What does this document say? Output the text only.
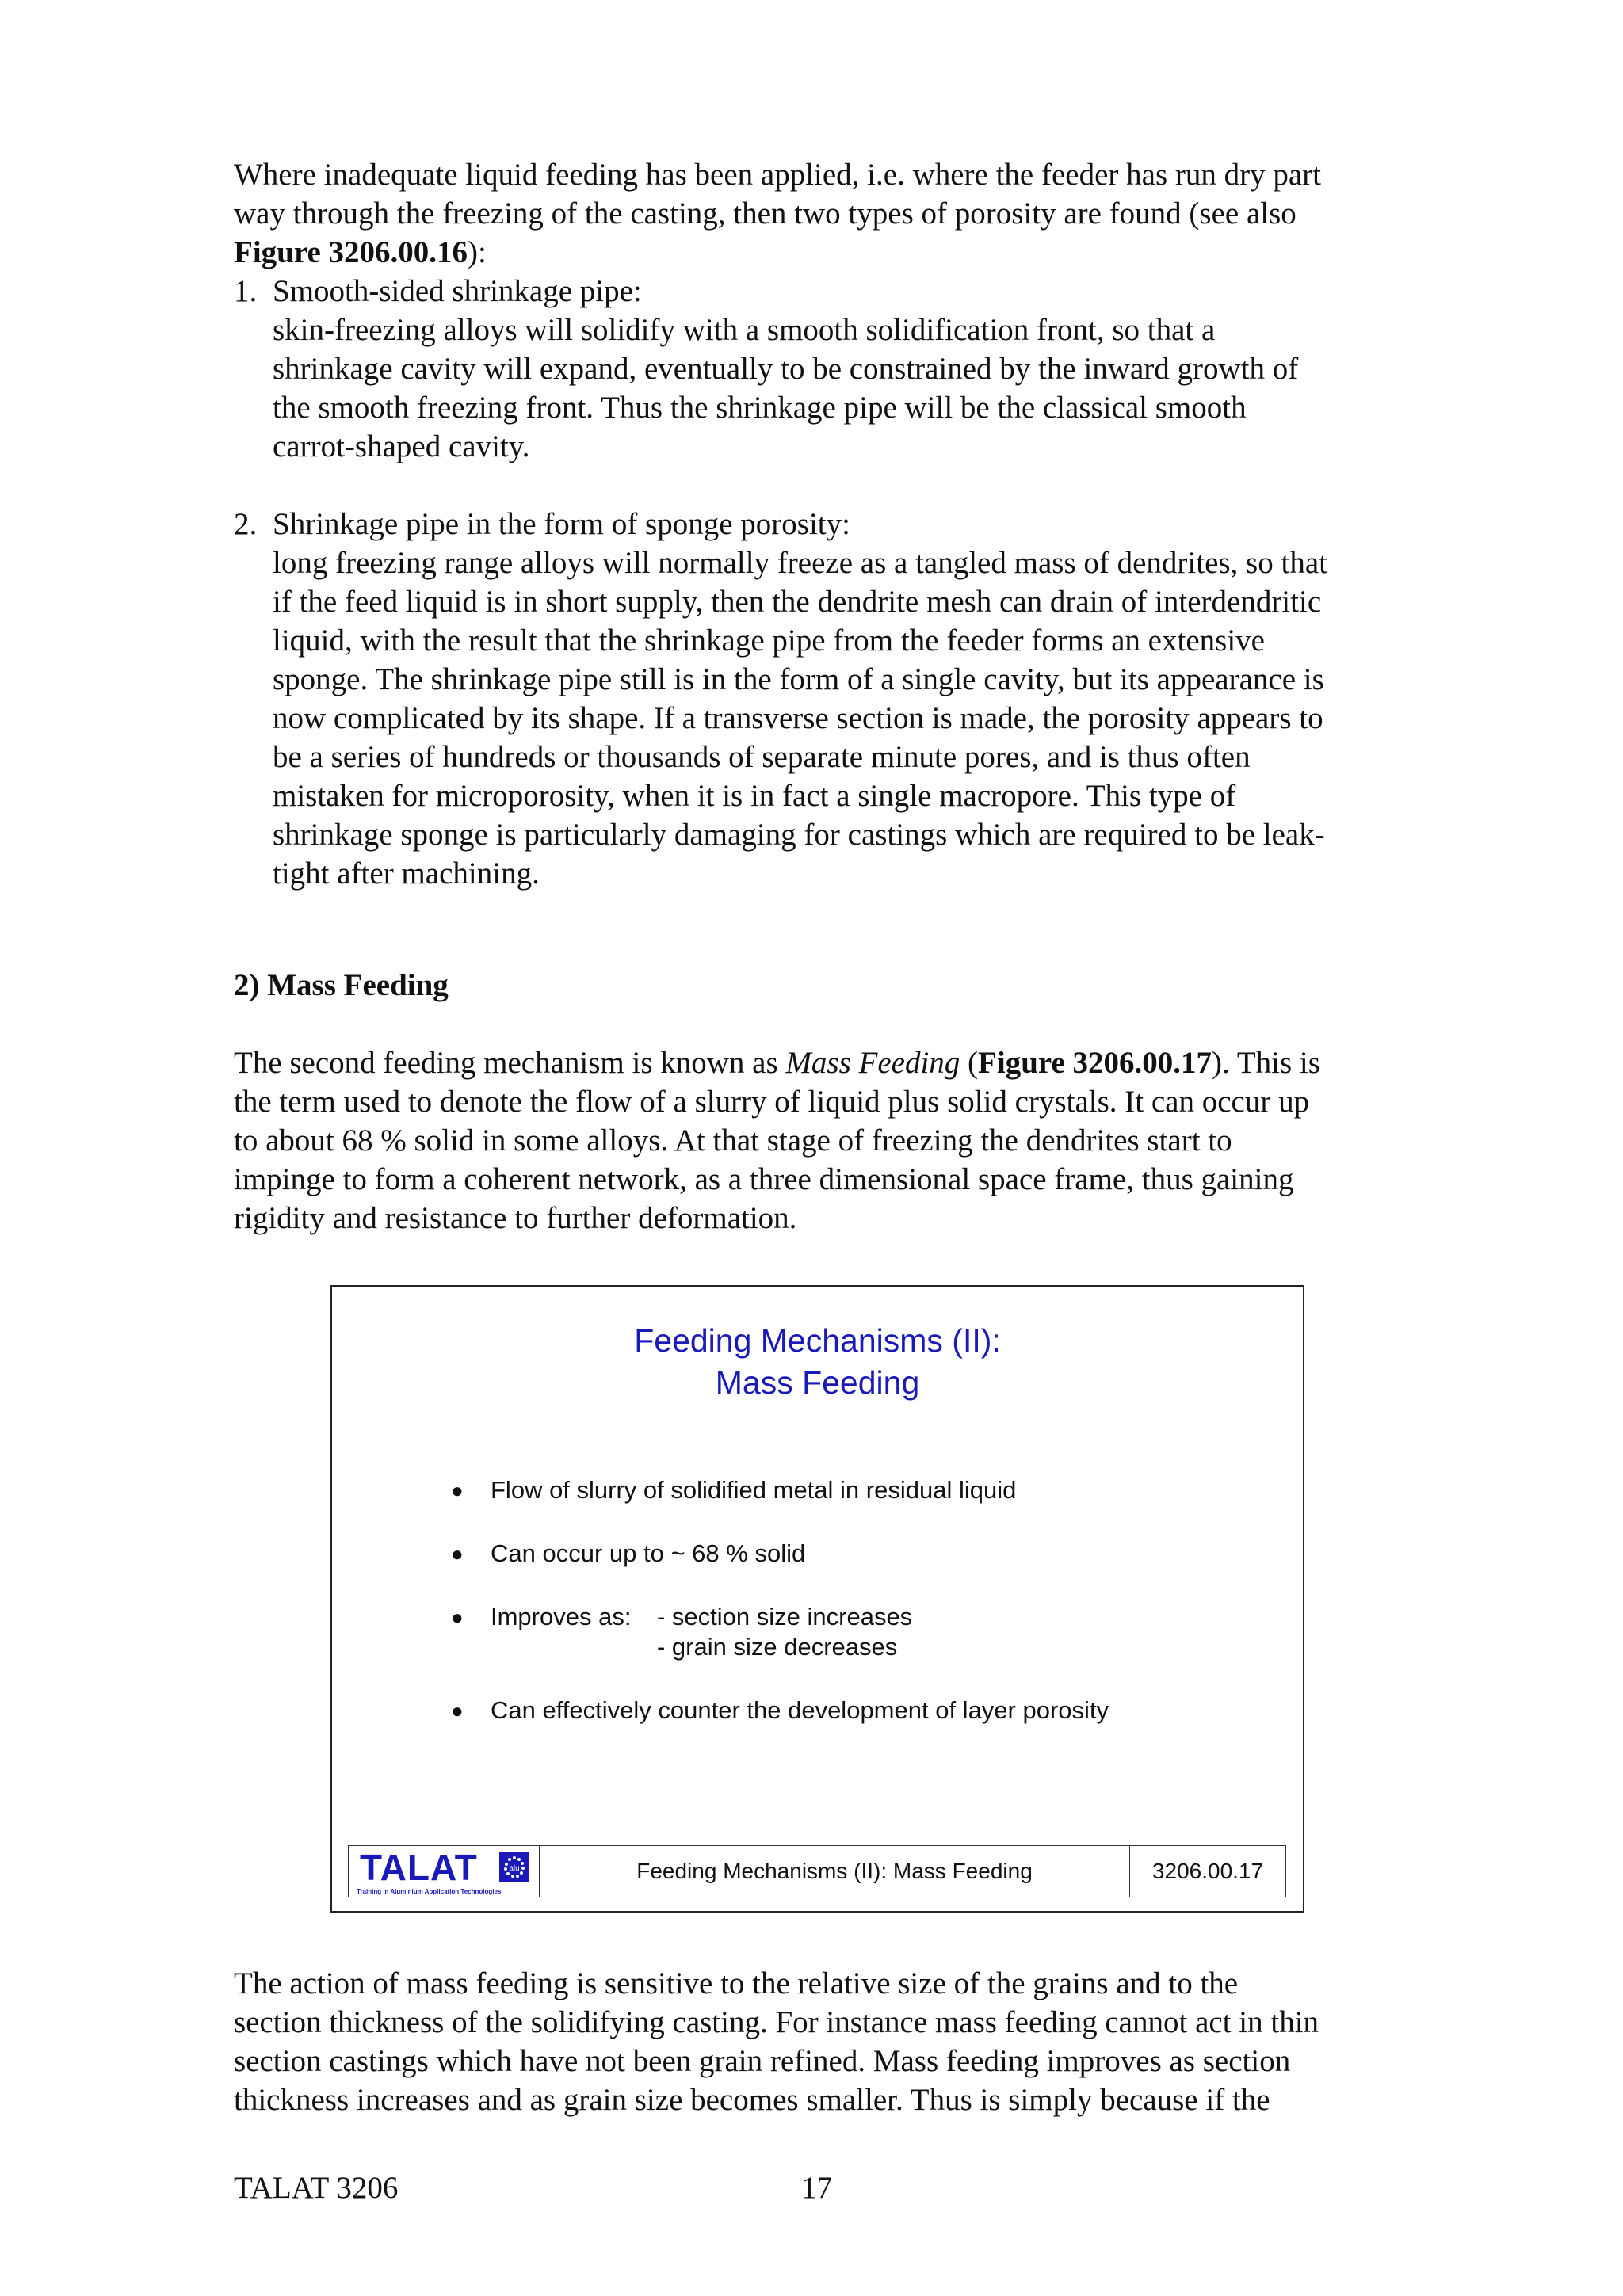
Where inadequate liquid feeding has been applied, i.e. where the feeder has run dry part
way through the freezing of the casting, then two types of porosity are found (see also
Figure 3206.00.16):

1. Smooth-sided shrinkage pipe:
skin-freezing alloys will solidify with a smooth solidification front, so that a
shrinkage cavity will expand, eventually to be constrained by the inward growth of
the smooth freezing front. Thus the shrinkage pipe will be the classical smooth
carrot-shaped cavity.
2. Shrinkage pipe in the form of sponge porosity:
long freezing range alloys will normally freeze as a tangled mass of dendrites, so that
if the feed liquid is in short supply, then the dendrite mesh can drain of interdendritic
liquid, with the result that the shrinkage pipe from the feeder forms an extensive
sponge. The shrinkage pipe still is in the form of a single cavity, but its appearance is
now complicated by its shape. If a transverse section is made, the porosity appears to
be a series of hundreds or thousands of separate minute pores, and is thus often
mistaken for microporosity, when it is in fact a single macropore. This type of
shrinkage sponge is particularly damaging for castings which are required to be leak-
tight after machining.
2) Mass Feeding

The second feeding mechanism is known as Mass Feeding (Figure 3206.00.17). This is
the term used to denote the flow of a slurry of liquid plus solid crystals. It can occur up
to about 68 % solid in some alloys. At that stage of freezing the dendrites start to
impinge to form a coherent network, as a three dimensional space frame, thus gaining
rigidity and resistance to further deformation.

Feeding Mechanisms (II):
Mass Feeding
● Flow of slurry of solidified metal in residual liquid
● Can occur up to ~ 68 % solid
● Improves as:	- section size increases
- grain size decreases
● Can effectively counter the development of layer porosity
TALAT	alu
Training in Aluminium Application Technologies
Feeding Mechanisms (II): Mass Feeding	3206.00.17

The action of mass feeding is sensitive to the relative size of the grains and to the
section thickness of the solidifying casting. For instance mass feeding cannot act in thin
section castings which have not been grain refined. Mass feeding improves as section
thickness increases and as grain size becomes smaller. Thus is simply because if the

TALAT 3206	17
